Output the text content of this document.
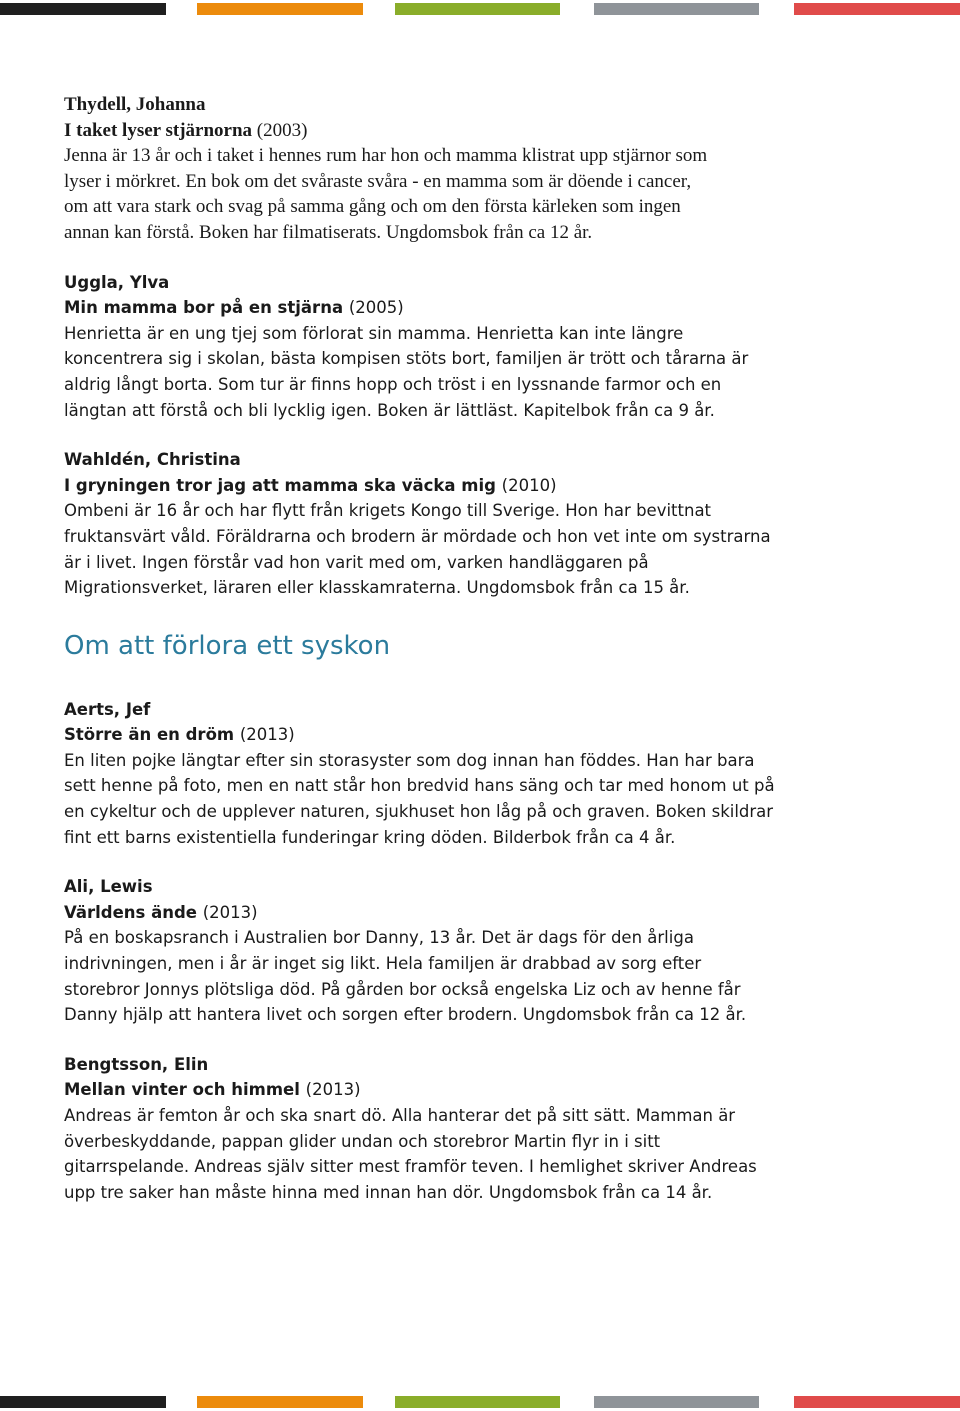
Thydell, Johanna
I taket lyser stjärnorna (2003)
Jenna är 13 år och i taket i hennes rum har hon och mamma klistrat upp stjärnor som
lyser i mörkret. En bok om det svåraste svåra - en mamma som är döende i cancer,
om att vara stark och svag på samma gång och om den första kärleken som ingen
annan kan förstå. Boken har filmatiserats. Ungdomsbok från ca 12 år.
Uggla, Ylva
Min mamma bor på en stjärna (2005)
Henrietta är en ung tjej som förlorat sin mamma. Henrietta kan inte längre
koncentrera sig i skolan, bästa kompisen stöts bort, familjen är trött och tårarna är
aldrig långt borta. Som tur är finns hopp och tröst i en lyssnande farmor och en
längtan att förstå och bli lycklig igen. Boken är lättläst. Kapitelbok från ca 9 år.
Wahldén, Christina
I gryningen tror jag att mamma ska väcka mig (2010)
Ombeni är 16 år och har flytt från krigets Kongo till Sverige. Hon har bevittnat
fruktansvärt våld. Föräldrarna och brodern är mördade och hon vet inte om systrarna
är i livet. Ingen förstår vad hon varit med om, varken handläggaren på
Migrationsverket, läraren eller klasskamraterna. Ungdomsbok från ca 15 år.
Om att förlora ett syskon
Aerts, Jef
Större än en dröm (2013)
En liten pojke längtar efter sin storasyster som dog innan han föddes. Han har bara
sett henne på foto, men en natt står hon bredvid hans säng och tar med honom ut på
en cykeltur och de upplever naturen, sjukhuset hon låg på och graven. Boken skildrar
fint ett barns existentiella funderingar kring döden. Bilderbok från ca 4 år.
Ali, Lewis
Världens ände (2013)
På en boskapsranch i Australien bor Danny, 13 år. Det är dags för den årliga
indrivningen, men i år är inget sig likt. Hela familjen är drabbad av sorg efter
storebror Jonnys plötsliga död. På gården bor också engelska Liz och av henne får
Danny hjälp att hantera livet och sorgen efter brodern. Ungdomsbok från ca 12 år.
Bengtsson, Elin
Mellan vinter och himmel (2013)
Andreas är femton år och ska snart dö. Alla hanterar det på sitt sätt. Mamman är
överbeskyddande, pappan glider undan och storebror Martin flyr in i sitt
gitarrspelande. Andreas själv sitter mest framför teven. I hemlighet skriver Andreas
upp tre saker han måste hinna med innan han dör. Ungdomsbok från ca 14 år.
